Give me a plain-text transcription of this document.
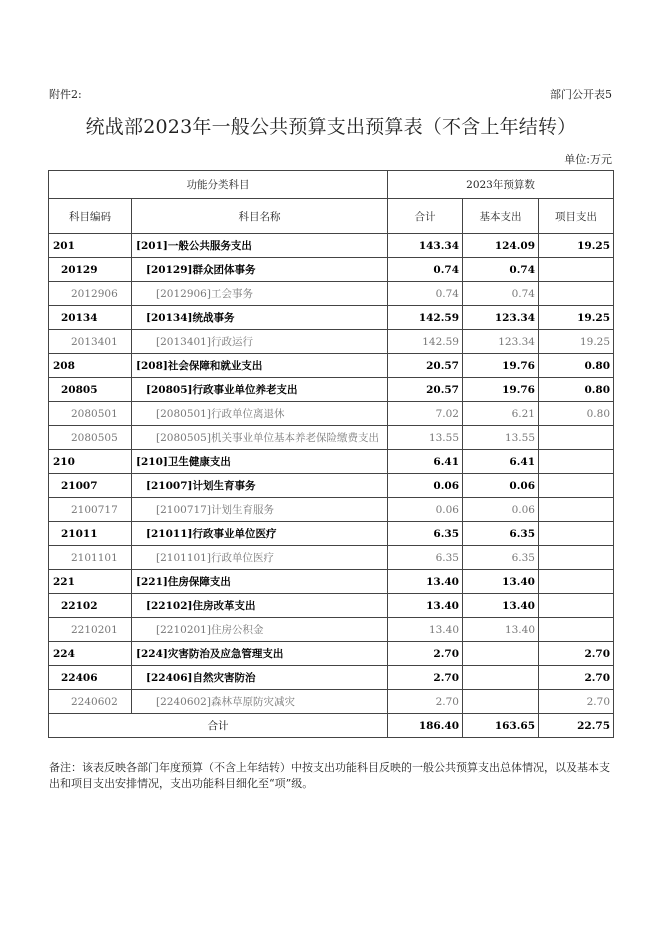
附件2:	部门公开表5
统战部2023年一般公共预算支出预算表（不含上年结转）
单位:万元
功能分类科目		2023年预算数		
科目编码	科目名称	合计	基本支出	项目支出
201	[201]一般公共服务支出	143.34	124.09	19.25
20129	[20129]群众团体事务	0.74	0.74	
2012906	[2012906]工会事务	0.74	0.74	
20134	[20134]统战事务	142.59	123.34	19.25
2013401	[2013401]行政运行	142.59	123.34	19.25
208	[208]社会保障和就业支出	20.57	19.76	0.80
20805	[20805]行政事业单位养老支出	20.57	19.76	0.80
2080501	[2080501]行政单位离退休	7.02	6.21	0.80
2080505	[2080505]机关事业单位基本养老保险缴费支出	13.55	13.55	
210	[210]卫生健康支出	6.41	6.41	
21007	[21007]计划生育事务	0.06	0.06	
2100717	[2100717]计划生育服务	0.06	0.06	
21011	[21011]行政事业单位医疗	6.35	6.35	
2101101	[2101101]行政单位医疗	6.35	6.35	
221	[221]住房保障支出	13.40	13.40	
22102	[22102]住房改革支出	13.40	13.40	
2210201	[2210201]住房公积金	13.40	13.40	
224	[224]灾害防治及应急管理支出	2.70		2.70
22406	[22406]自然灾害防治	2.70		2.70
2240602	[2240602]森林草原防灾减灾	2.70		2.70
合计		186.40	163.65	22.75
备注：该表反映各部门年度预算（不含上年结转）中按支出功能科目反映的一般公共预算支出总体情况，以及基本支出和项目支出安排情况，支出功能科目细化至“项”级。
